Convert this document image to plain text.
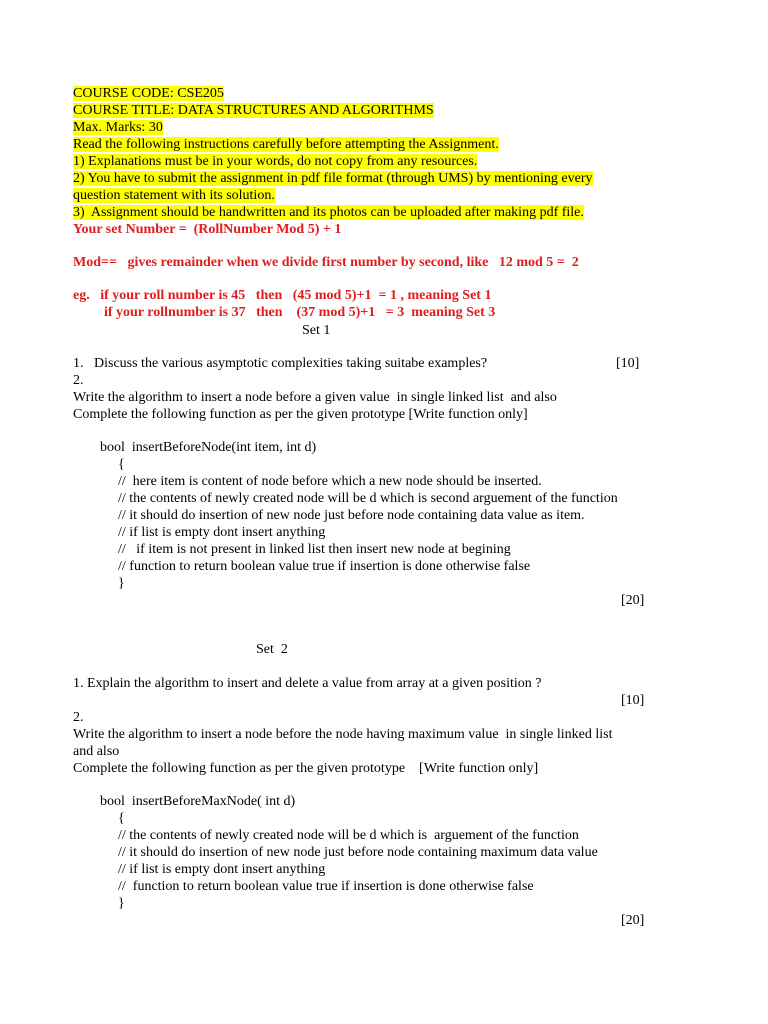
COURSE CODE: CSE205
COURSE TITLE: DATA STRUCTURES AND ALGORITHMS
Max. Marks: 30
Read the following instructions carefully before attempting the Assignment.
1) Explanations must be in your words, do not copy from any resources.
2) You have to submit the assignment in pdf file format (through UMS) by mentioning every
question statement with its solution.
3)  Assignment should be handwritten and its photos can be uploaded after making pdf file.
Your set Number =  (RollNumber Mod 5) + 1
Mod==   gives remainder when we divide first number by second, like   12 mod 5 =  2
eg.   if your roll number is 45   then   (45 mod 5)+1  = 1 , meaning Set 1
if your rollnumber is 37   then    (37 mod 5)+1   = 3  meaning Set 3
Set 1
1.   Discuss the various asymptotic complexities taking suitabe examples?	[10]
2.
Write the algorithm to insert a node before a given value  in single linked list  and also
Complete the following function as per the given prototype [Write function only]
bool  insertBeforeNode(int item, int d)
{
//  here item is content of node before which a new node should be inserted.
// the contents of newly created node will be d which is second arguement of the function
// it should do insertion of new node just before node containing data value as item.
// if list is empty dont insert anything
//   if item is not present in linked list then insert new node at begining
// function to return boolean value true if insertion is done otherwise false
}
[20]
Set  2
1. Explain the algorithm to insert and delete a value from array at a given position ?
[10]
2.
Write the algorithm to insert a node before the node having maximum value  in single linked list
and also
Complete the following function as per the given prototype    [Write function only]
bool  insertBeforeMaxNode( int d)
{
// the contents of newly created node will be d which is  arguement of the function
// it should do insertion of new node just before node containing maximum data value
// if list is empty dont insert anything
//  function to return boolean value true if insertion is done otherwise false
}
[20]
